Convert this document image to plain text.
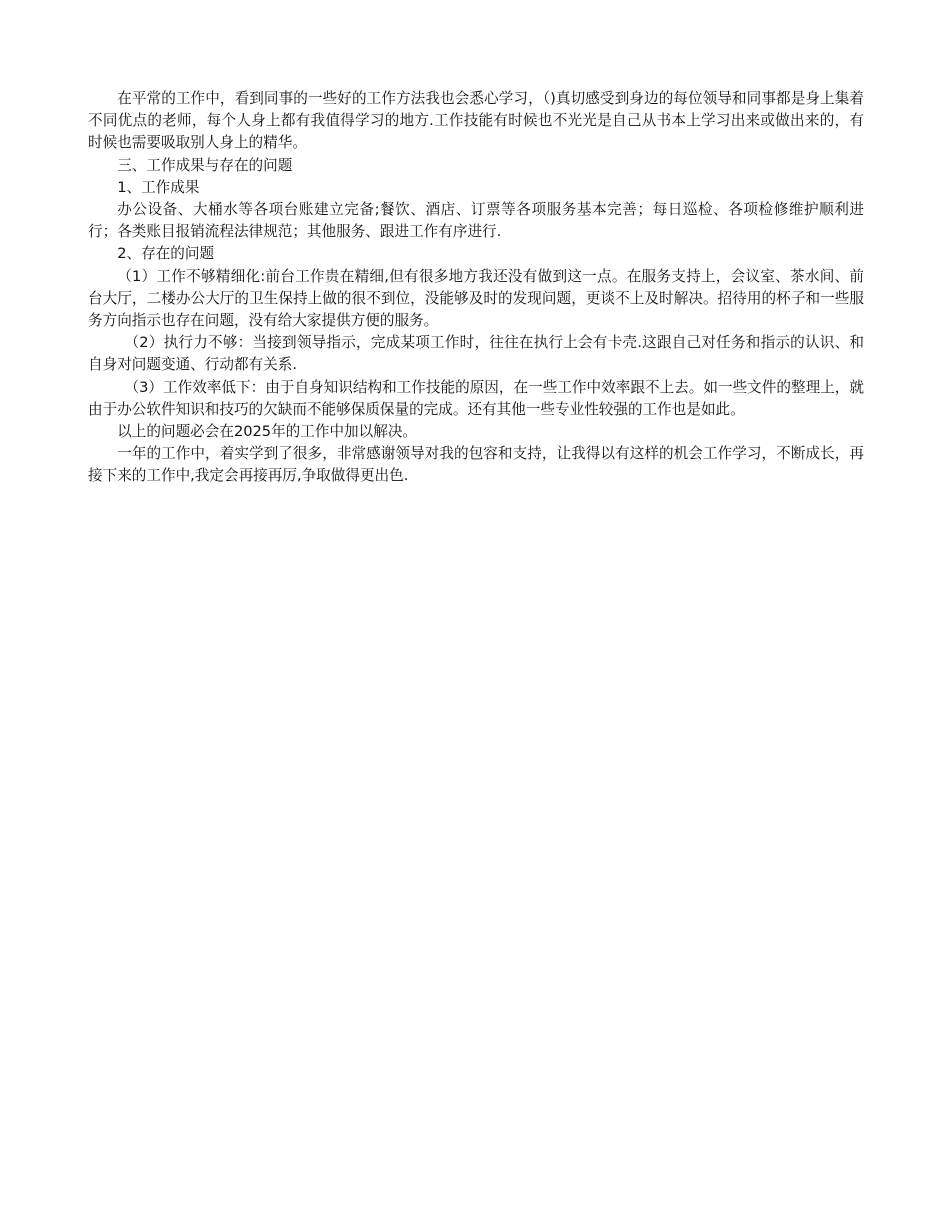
在平常的工作中，看到同事的一些好的工作方法我也会悉心学习，（)真切感受到身边的每位领导和同事都是身上集着不同优点的老师，每个人身上都有我值得学习的地方.工作技能有时候也不光光是自己从书本上学习出来或做出来的，有时候也需要吸取别人身上的精华。

三、工作成果与存在的问题

1、工作成果

办公设备、大桶水等各项台账建立完备;餐饮、酒店、订票等各项服务基本完善；每日巡检、各项检修维护顺利进行；各类账目报销流程法律规范；其他服务、跟进工作有序进行.

2、存在的问题

（1）工作不够精细化:前台工作贵在精细,但有很多地方我还没有做到这一点。在服务支持上，会议室、茶水间、前台大厅，二楼办公大厅的卫生保持上做的很不到位，没能够及时的发现问题，更谈不上及时解决。招待用的杯子和一些服务方向指示也存在问题，没有给大家提供方便的服务。

（2）执行力不够：当接到领导指示，完成某项工作时，往往在执行上会有卡壳.这跟自己对任务和指示的认识、和自身对问题变通、行动都有关系.

（3）工作效率低下：由于自身知识结构和工作技能的原因，在一些工作中效率跟不上去。如一些文件的整理上，就由于办公软件知识和技巧的欠缺而不能够保质保量的完成。还有其他一些专业性较强的工作也是如此。

以上的问题必会在2025年的工作中加以解决。

一年的工作中，着实学到了很多，非常感谢领导对我的包容和支持，让我得以有这样的机会工作学习，不断成长，再接下来的工作中,我定会再接再厉,争取做得更出色.
